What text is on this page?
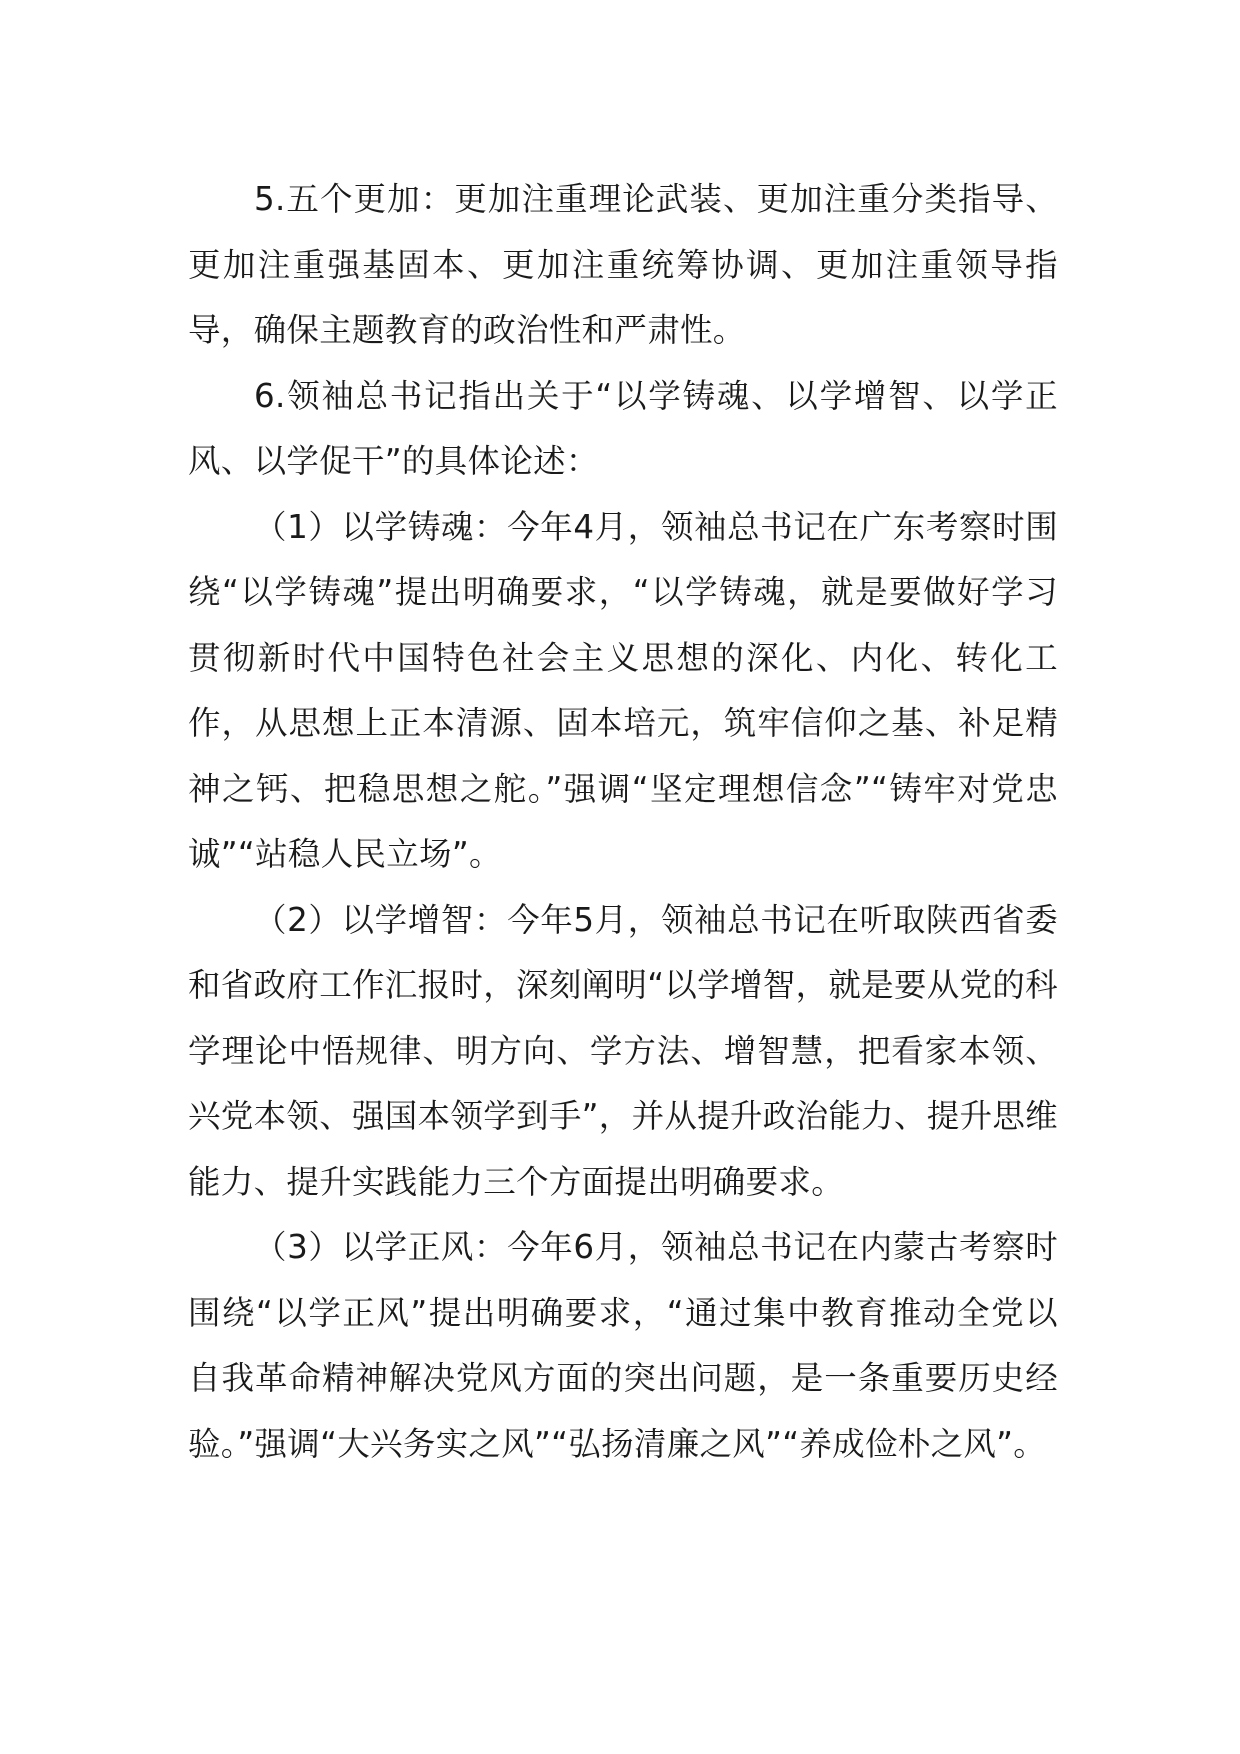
5.五个更加：更加注重理论武装、更加注重分类指导、更加注重强基固本、更加注重统筹协调、更加注重领导指导，确保主题教育的政治性和严肃性。

6.领袖总书记指出关于“以学铸魂、以学增智、以学正风、以学促干”的具体论述：

（1）以学铸魂：今年4月，领袖总书记在广东考察时围绕“以学铸魂”提出明确要求，“以学铸魂，就是要做好学习贯彻新时代中国特色社会主义思想的深化、内化、转化工作，从思想上正本清源、固本培元，筑牢信仰之基、补足精神之钙、把稳思想之舵。”强调“坚定理想信念”“铸牢对党忠诚”“站稳人民立场”。

（2）以学增智：今年5月，领袖总书记在听取陕西省委和省政府工作汇报时，深刻阐明“以学增智，就是要从党的科学理论中悟规律、明方向、学方法、增智慧，把看家本领、兴党本领、强国本领学到手”，并从提升政治能力、提升思维能力、提升实践能力三个方面提出明确要求。

（3）以学正风：今年6月，领袖总书记在内蒙古考察时围绕“以学正风”提出明确要求，“通过集中教育推动全党以自我革命精神解决党风方面的突出问题，是一条重要历史经验。”强调“大兴务实之风”“弘扬清廉之风”“养成俭朴之风”。
